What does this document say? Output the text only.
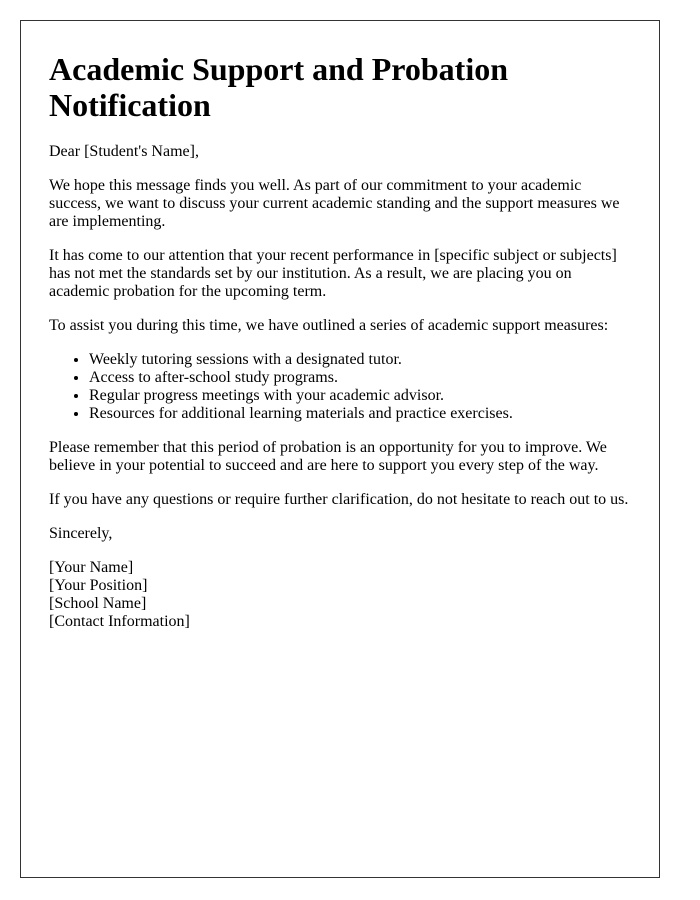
Academic Support and Probation Notification

Dear [Student's Name],

We hope this message finds you well. As part of our commitment to your academic success, we want to discuss your current academic standing and the support measures we are implementing.

It has come to our attention that your recent performance in [specific subject or subjects] has not met the standards set by our institution. As a result, we are placing you on academic probation for the upcoming term.

To assist you during this time, we have outlined a series of academic support measures:

• Weekly tutoring sessions with a designated tutor.
• Access to after-school study programs.
• Regular progress meetings with your academic advisor.
• Resources for additional learning materials and practice exercises.

Please remember that this period of probation is an opportunity for you to improve. We believe in your potential to succeed and are here to support you every step of the way.

If you have any questions or require further clarification, do not hesitate to reach out to us.

Sincerely,

[Your Name]
[Your Position]
[School Name]
[Contact Information]
